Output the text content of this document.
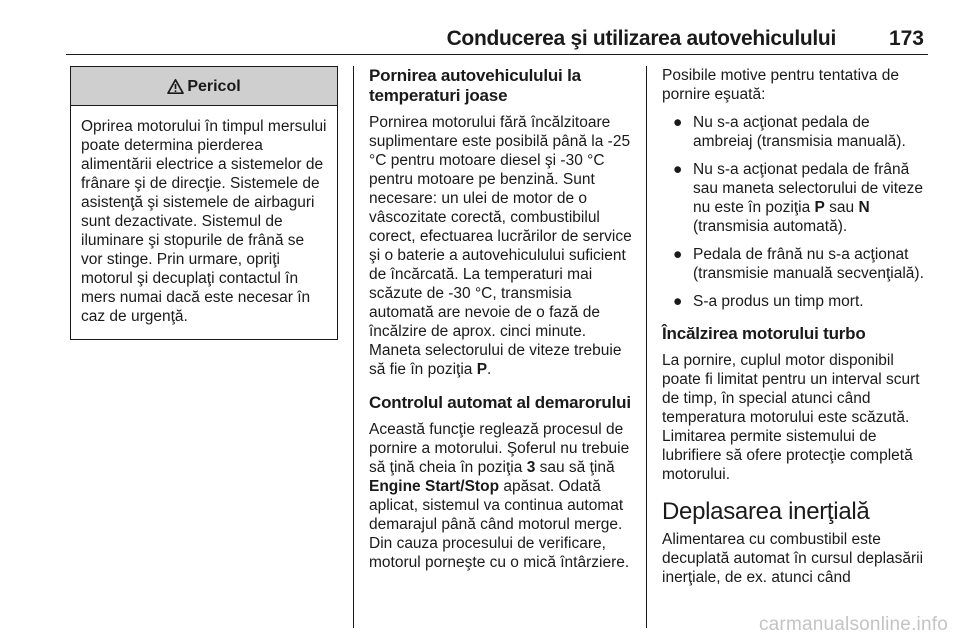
Conducerea şi utilizarea autovehiculului	173
Pericol
Oprirea motorului în timpul mersului poate determina pierderea alimentării electrice a sistemelor de frânare şi de direcţie. Sistemele de asistenţă şi sistemele de airbaguri sunt dezactivate. Sistemul de iluminare şi stopurile de frână se vor stinge. Prin urmare, opriţi motorul şi decuplaţi contactul în mers numai dacă este necesar în caz de urgenţă.
Pornirea autovehiculului la temperaturi joase

Pornirea motorului fără încălzitoare suplimentare este posibilă până la -25 °C pentru motoare diesel şi -30 °C pentru motoare pe benzină. Sunt necesare: un ulei de motor de o vâscozitate corectă, combustibilul corect, efectuarea lucrărilor de service şi o baterie a autovehiculului suficient de încărcată. La temperaturi mai scăzute de -30 °C, transmisia automată are nevoie de o fază de încălzire de aprox. cinci minute. Maneta selectorului de viteze trebuie să fie în poziţia P.

Controlul automat al demarorului

Această funcţie reglează procesul de pornire a motorului. Şoferul nu trebuie să ţină cheia în poziţia 3 sau să ţină Engine Start/Stop apăsat. Odată aplicat, sistemul va continua automat demarajul până când motorul merge. Din cauza procesului de verificare, motorul porneşte cu o mică întârziere.

Posibile motive pentru tentativa de pornire eşuată:

● Nu s-a acţionat pedala de ambreiaj (transmisia manuală).
● Nu s-a acţionat pedala de frână sau maneta selectorului de viteze nu este în poziţia P sau N (transmisia automată).
● Pedala de frână nu s-a acţionat (transmisie manuală secvenţială).
● S-a produs un timp mort.
Încălzirea motorului turbo

La pornire, cuplul motor disponibil poate fi limitat pentru un interval scurt de timp, în special atunci când temperatura motorului este scăzută. Limitarea permite sistemului de lubrifiere să ofere protecţie completă motorului.

Deplasarea inerţială

Alimentarea cu combustibil este decuplată automat în cursul deplasării inerţiale, de ex. atunci când

carmanualsonline.info
